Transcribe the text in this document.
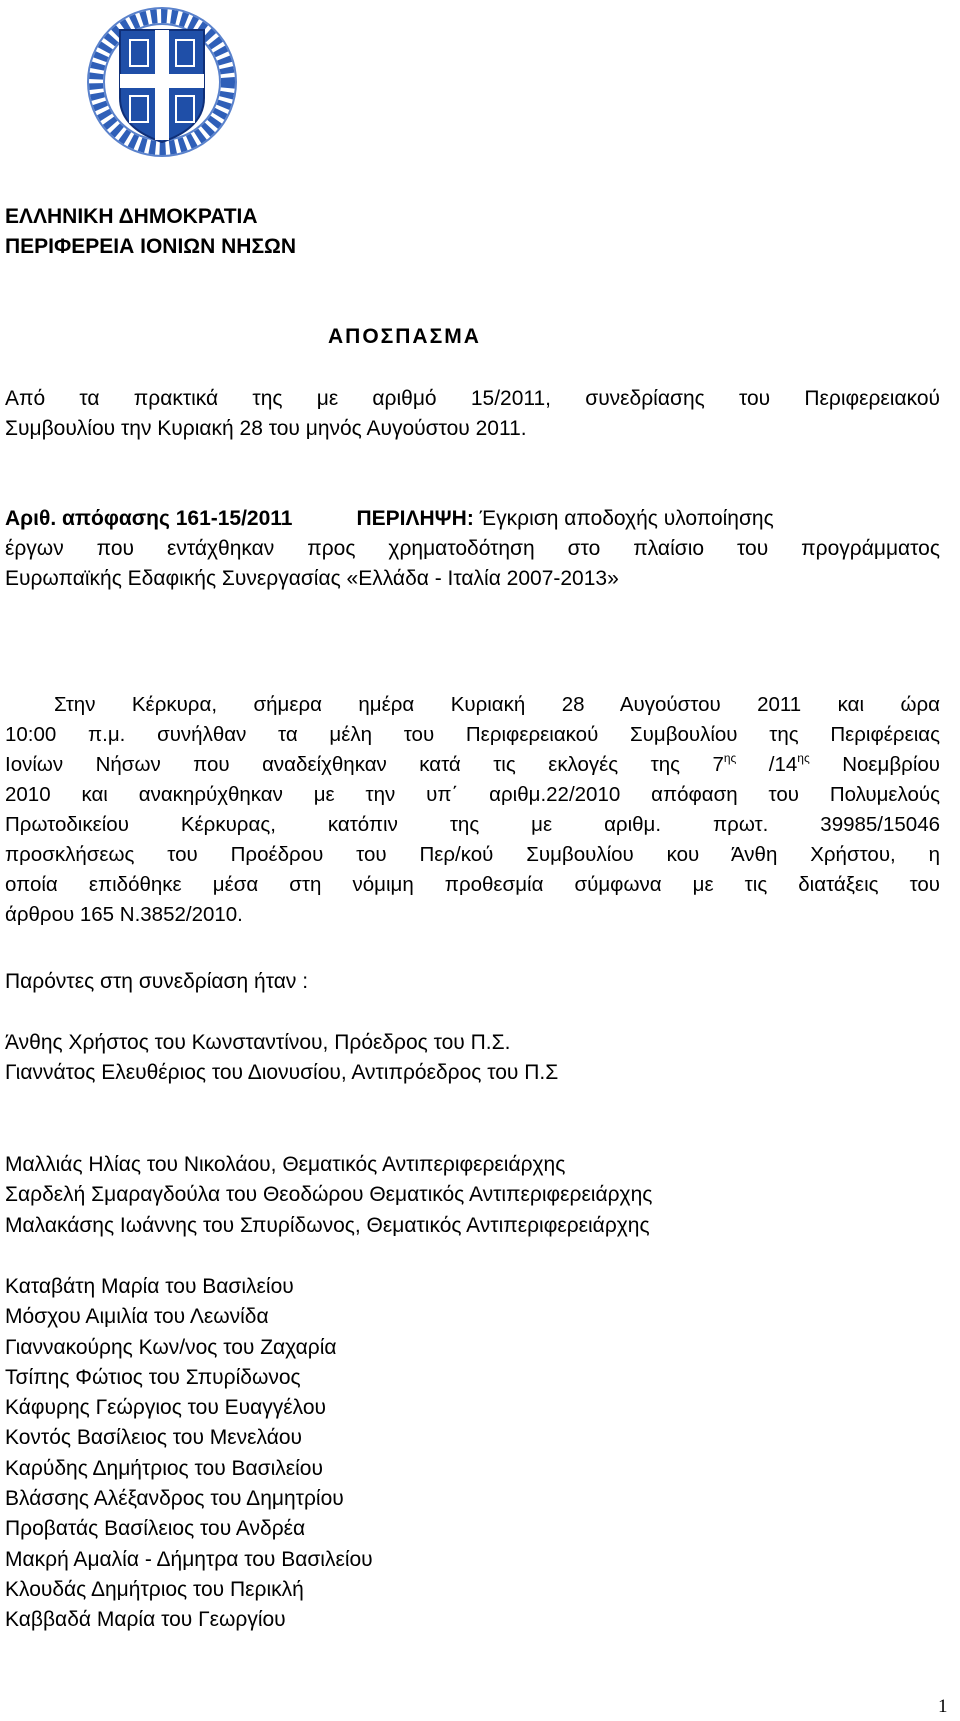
ΕΛΛΗΝΙΚΗ ΔΗΜΟΚΡΑΤΙΑ
ΠΕΡΙΦΕΡΕΙΑ ΙΟΝΙΩΝ ΝΗΣΩΝ
ΑΠΟΣΠΑΣΜΑ
Από τα πρακτικά της με αριθμό 15/2011, συνεδρίασης του Περιφερειακού
Συμβουλίου την Κυριακή 28 του μηνός Αυγούστου 2011.
Αριθ. απόφασης 161-15/2011	ΠΕΡΙΛΗΨΗ: Έγκριση αποδοχής υλοποίησης
έργων που εντάχθηκαν προς χρηματοδότηση στο πλαίσιο του προγράμματος
Ευρωπαϊκής Εδαφικής Συνεργασίας «Ελλάδα - Ιταλία 2007-2013»
Στην Κέρκυρα, σήμερα ημέρα Κυριακή 28 Αυγούστου 2011 και ώρα
10:00 π.μ. συνήλθαν τα μέλη του Περιφερειακού Συμβουλίου της Περιφέρειας
Ιονίων Νήσων που αναδείχθηκαν κατά τις εκλογές της $7^{\eta\varsigma}$ $/14^{\eta\varsigma}$ Νοεμβρίου
2010 και ανακηρύχθηκαν με την υπ΄ αριθμ.22/2010 απόφαση του Πολυμελούς
Πρωτοδικείου Κέρκυρας, κατόπιν της με αριθμ. πρωτ. 39985/15046
προσκλήσεως του Προέδρου του Περ/κού Συμβουλίου κου Άνθη Χρήστου, η
οποία επιδόθηκε μέσα στη νόμιμη προθεσμία σύμφωνα με τις διατάξεις του
άρθρου 165 Ν.3852/2010.
Παρόντες στη συνεδρίαση ήταν :
Άνθης Χρήστος του Κωνσταντίνου, Πρόεδρος του Π.Σ.
Γιαννάτος Ελευθέριος του Διονυσίου, Αντιπρόεδρος του Π.Σ
Μαλλιάς Ηλίας του Νικολάου, Θεματικός Αντιπεριφερειάρχης
Σαρδελή Σμαραγδούλα του Θεοδώρου Θεματικός Αντιπεριφερειάρχης
Μαλακάσης Ιωάννης του Σπυρίδωνος, Θεματικός Αντιπεριφερειάρχης
Καταβάτη Μαρία του Βασιλείου
Μόσχου Αιμιλία του Λεωνίδα
Γιαννακούρης Κων/νος του Ζαχαρία
Τσίπης Φώτιος του Σπυρίδωνος
Κάφυρης Γεώργιος του Ευαγγέλου
Κοντός Βασίλειος του Μενελάου
Καρύδης Δημήτριος του Βασιλείου
Βλάσσης Αλέξανδρος του Δημητρίου
Προβατάς Βασίλειος του Ανδρέα
Μακρή Αμαλία - Δήμητρα του Βασιλείου
Κλουδάς Δημήτριος του Περικλή
Καββαδά Μαρία του Γεωργίου
1
